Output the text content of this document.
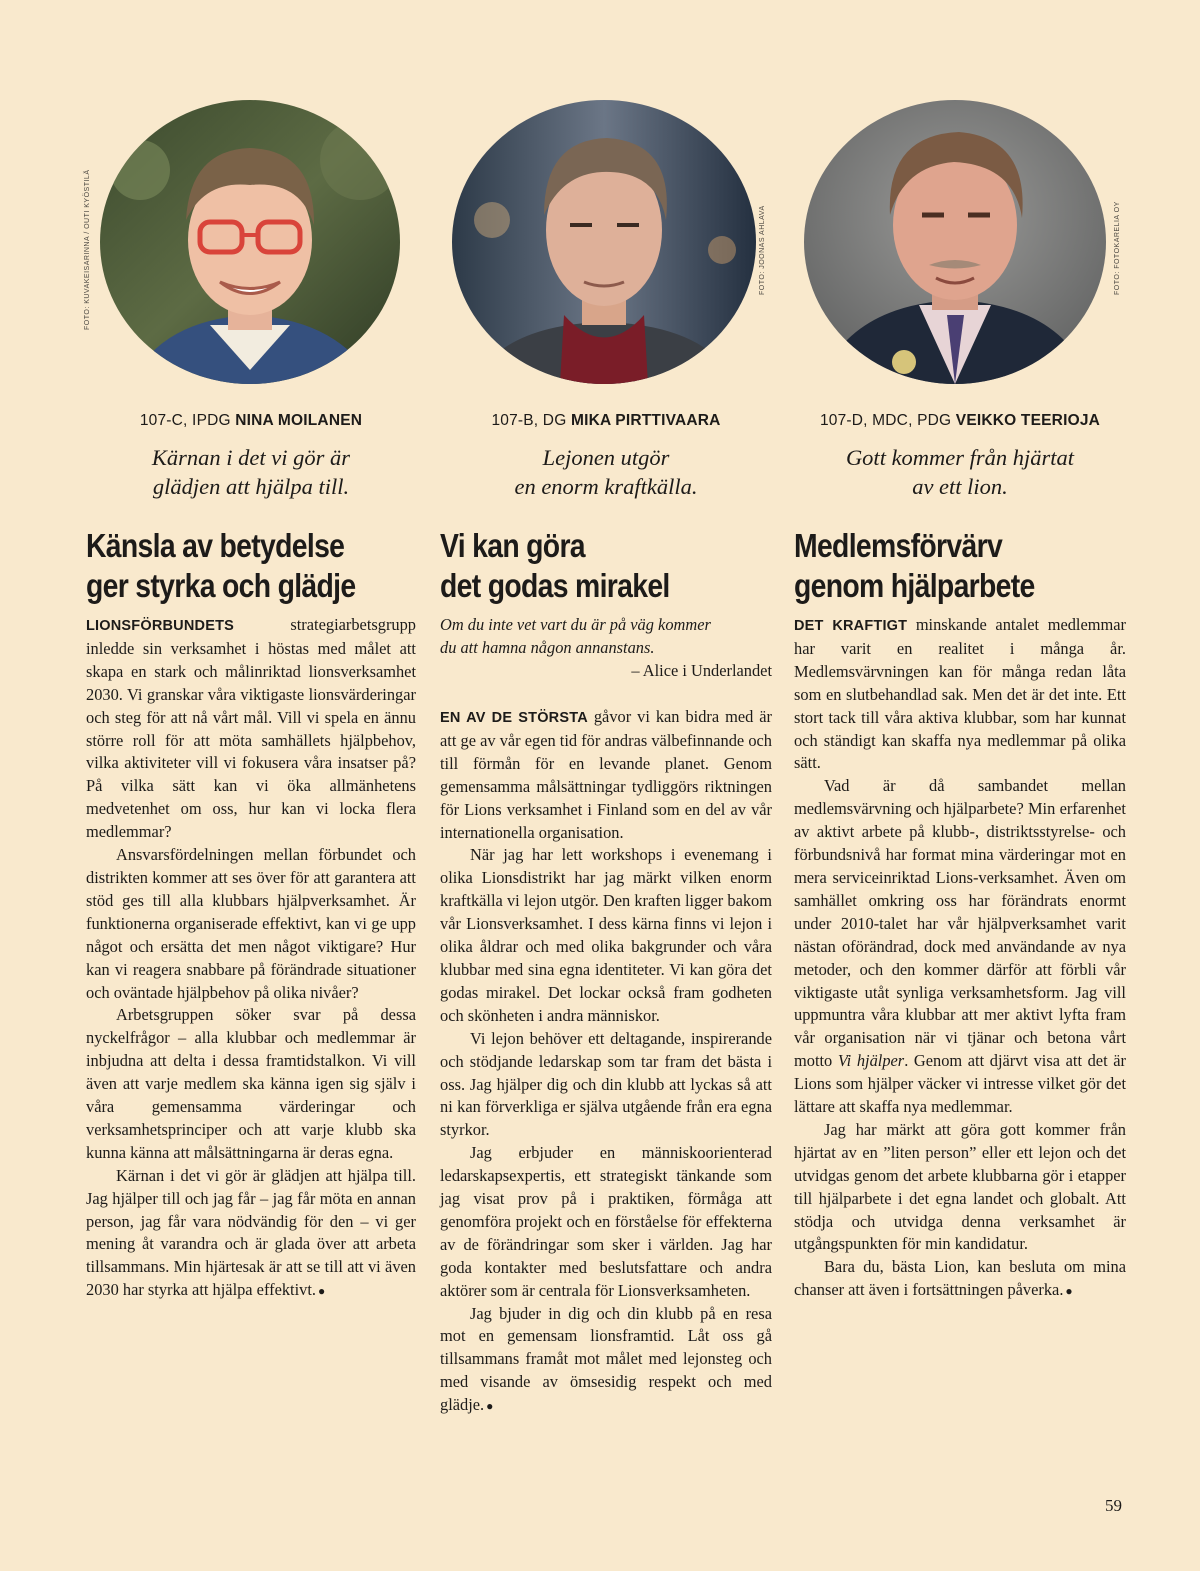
FOTO: KUVAKEISARINNA / OUTI KYÖSTILÄ
107-C, IPDG NINA MOILANEN
Kärnan i det vi gör är
glädjen att hjälpa till.
Känsla av betydelse
ger styrka och glädje

LIONSFÖRBUNDETS strategiarbetsgrupp inledde sin verksamhet i höstas med målet att skapa en stark och målinriktad lionsverksamhet 2030. Vi granskar våra viktigaste lionsvärderingar och steg för att nå vårt mål. Vill vi spela en ännu större roll för att möta samhällets hjälpbehov, vilka aktiviteter vill vi fokusera våra insatser på? På vilka sätt kan vi öka allmänhetens medvetenhet om oss, hur kan vi locka flera medlemmar?

Ansvarsfördelningen mellan förbundet och distrikten kommer att ses över för att garantera att stöd ges till alla klubbars hjälpverksamhet. Är funktionerna organiserade effektivt, kan vi ge upp något och ersätta det men något viktigare? Hur kan vi reagera snabbare på förändrade situationer och oväntade hjälpbehov på olika nivåer?

Arbetsgruppen söker svar på dessa nyckelfrågor – alla klubbar och medlemmar är inbjudna att delta i dessa framtidstalkon. Vi vill även att varje medlem ska känna igen sig själv i våra gemensamma värderingar och verksamhetsprinciper och att varje klubb ska kunna känna att målsättningarna är deras egna.

Kärnan i det vi gör är glädjen att hjälpa till. Jag hjälper till och jag får – jag får möta en annan person, jag får vara nödvändig för den – vi ger mening åt varandra och är glada över att arbeta tillsammans. Min hjärtesak är att se till att vi även 2030 har styrka att hjälpa effektivt. ●

FOTO: JOONAS AHLAVA
107-B, DG MIKA PIRTTIVAARA
Lejonen utgör
en enorm kraftkälla.
Vi kan göra
det godas mirakel
Om du inte vet vart du är på väg kommer
du att hamna någon annanstans.
– Alice i Underlandet

EN AV DE STÖRSTA gåvor vi kan bidra med är att ge av vår egen tid för andras välbefinnande och till förmån för en levande planet. Genom gemensamma målsättningar tydliggörs riktningen för Lions verksamhet i Finland som en del av vår internationella organisation.

När jag har lett workshops i evenemang i olika Lionsdistrikt har jag märkt vilken enorm kraftkälla vi lejon utgör. Den kraften ligger bakom vår Lionsverksamhet. I dess kärna finns vi lejon i olika åldrar och med olika bakgrunder och våra klubbar med sina egna identiteter. Vi kan göra det godas mirakel. Det lockar också fram godheten och skönheten i andra människor.

Vi lejon behöver ett deltagande, inspirerande och stödjande ledarskap som tar fram det bästa i oss. Jag hjälper dig och din klubb att lyckas så att ni kan förverkliga er själva utgående från era egna styrkor.

Jag erbjuder en människoorienterad ledarskapsexpertis, ett strategiskt tänkande som jag visat prov på i praktiken, förmåga att genomföra projekt och en förståelse för effekterna av de förändringar som sker i världen. Jag har goda kontakter med beslutsfattare och andra aktörer som är centrala för Lionsverksamheten.

Jag bjuder in dig och din klubb på en resa mot en gemensam lionsframtid. Låt oss gå tillsammans framåt mot målet med lejonsteg och med visande av ömsesidig respekt och med glädje. ●

FOTO: FOTOKARELIA OY
107-D, MDC, PDG VEIKKO TEERIOJA
Gott kommer från hjärtat
av ett lion.
Medlemsförvärv
genom hjälparbete

DET KRAFTIGT minskande antalet medlemmar har varit en realitet i många år. Medlemsvärvningen kan för många redan låta som en slutbehandlad sak. Men det är det inte. Ett stort tack till våra aktiva klubbar, som har kunnat och ständigt kan skaffa nya medlemmar på olika sätt.

Vad är då sambandet mellan medlemsvärvning och hjälparbete? Min erfarenhet av aktivt arbete på klubb-, distriktsstyrelse- och förbundsnivå har format mina värderingar mot en mera serviceinriktad Lions-verksamhet. Även om samhället omkring oss har förändrats enormt under 2010-talet har vår hjälpverksamhet varit nästan oförändrad, dock med användande av nya metoder, och den kommer därför att förbli vår viktigaste utåt synliga verksamhetsform. Jag vill uppmuntra våra klubbar att mer aktivt lyfta fram vår organisation när vi tjänar och betona vårt motto Vi hjälper. Genom att djärvt visa att det är Lions som hjälper väcker vi intresse vilket gör det lättare att skaffa nya medlemmar.

Jag har märkt att göra gott kommer från hjärtat av en ”liten person” eller ett lejon och det utvidgas genom det arbete klubbarna gör i etapper till hjälparbete i det egna landet och globalt. Att stödja och utvidga denna verksamhet är utgångspunkten för min kandidatur.

Bara du, bästa Lion, kan besluta om mina chanser att även i fortsättningen påverka. ●

59
